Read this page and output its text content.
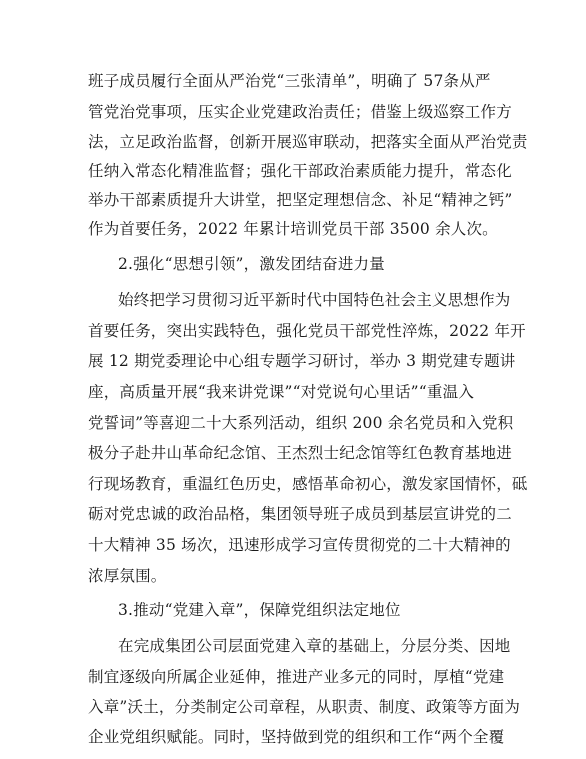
班子成员履行全面从严治党“三张清单”，明确了 57条从严
管党治党事项，压实企业党建政治责任；借鉴上级巡察工作方
法，立足政治监督，创新开展巡审联动，把落实全面从严治党责
任纳入常态化精准监督；强化干部政治素质能力提升，常态化
举办干部素质提升大讲堂，把坚定理想信念、补足“精神之钙”
作为首要任务，2022 年累计培训党员干部 3500 余人次。
2.强化“思想引领”，激发团结奋进力量
始终把学习贯彻习近平新时代中国特色社会主义思想作为
首要任务，突出实践特色，强化党员干部党性淬炼，2022 年开
展 12 期党委理论中心组专题学习研讨，举办 3 期党建专题讲
座，高质量开展“我来讲党课”“对党说句心里话”“重温入
党誓词”等喜迎二十大系列活动，组织 200 余名党员和入党积
极分子赴井山革命纪念馆、王杰烈士纪念馆等红色教育基地进
行现场教育，重温红色历史，感悟革命初心，激发家国情怀，砥
砺对党忠诚的政治品格，集团领导班子成员到基层宣讲党的二
十大精神 35 场次，迅速形成学习宣传贯彻党的二十大精神的
浓厚氛围。
3.推动“党建入章”，保障党组织法定地位
在完成集团公司层面党建入章的基础上，分层分类、因地
制宜逐级向所属企业延伸，推进产业多元的同时，厚植“党建
入章”沃土，分类制定公司章程，从职责、制度、政策等方面为
企业党组织赋能。同时，坚持做到党的组织和工作“两个全覆
